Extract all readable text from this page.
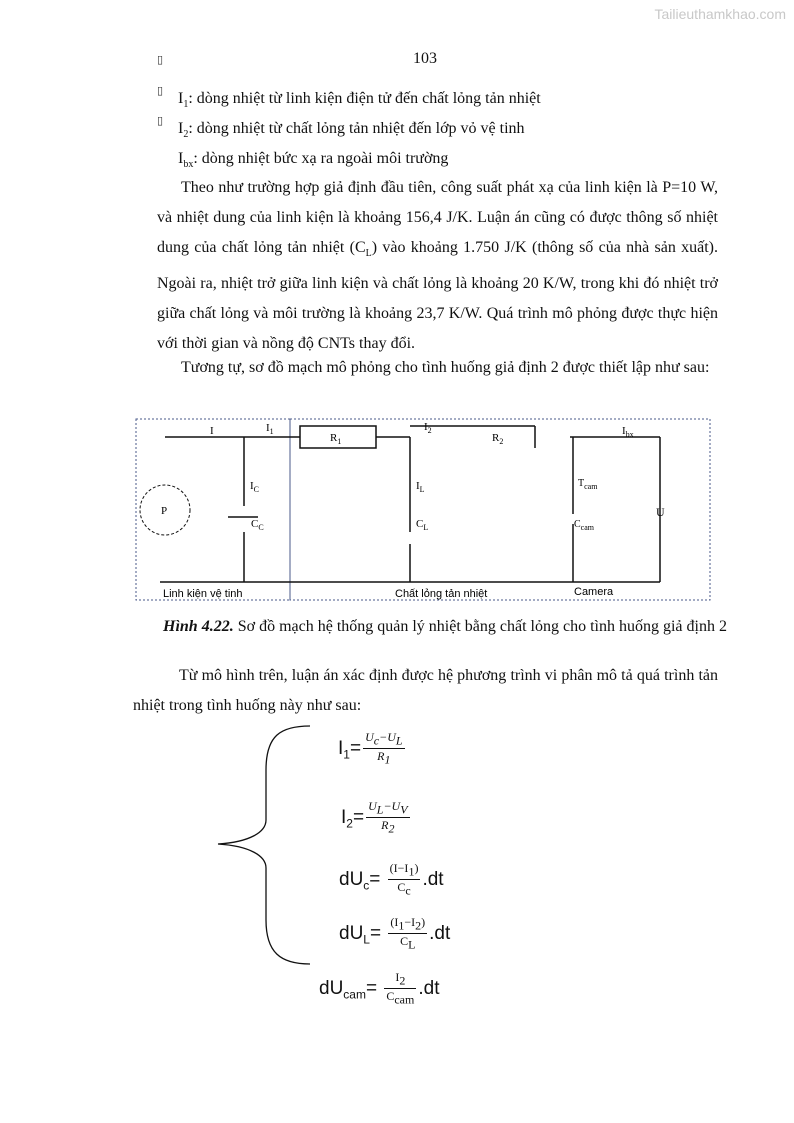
Tailieuthamkhao.com
103
▯
▯
▯
$I_1$: dòng nhiệt từ linh kiện điện tử đến chất lỏng tản nhiệt
$I_2$: dòng nhiệt từ chất lỏng tản nhiệt đến lớp vỏ vệ tinh
$I_{bx}$: dòng nhiệt bức xạ ra ngoài môi trường
Theo như trường hợp giả định đầu tiên, công suất phát xạ của linh kiện là P=10 W, và nhiệt dung của linh kiện là khoảng 156,4 J/K. Luận án cũng có được thông số nhiệt dung của chất lỏng tản nhiệt $(C_L)$ vào khoảng 1.750 J/K (thông số của nhà sản xuất). Ngoài ra, nhiệt trở giữa linh kiện và chất lỏng là khoảng 20 K/W, trong khi đó nhiệt trở giữa chất lỏng và môi trường là khoảng 23,7 K/W. Quá trình mô phỏng được thực hiện với thời gian và nồng độ CNTs thay đổi.
Tương tự, sơ đồ mạch mô phỏng cho tình huống giả định 2 được thiết lập như sau:
I	$I_1$
$R_1$
$I_2$
$R_2$
$I_{bx}$
P
$I_C$
$C_C$
$I_L$
$C_L$
$T_{cam}$
$C_{cam}$
U
Linh kiện vệ tinh	Chất lỏng tản nhiệt	Camera
Hình 4.22. Sơ đồ mạch hệ thống quản lý nhiệt bằng chất lỏng cho tình huống giả định 2
Từ mô hình trên, luận án xác định được hệ phương trình vi phân mô tả quá trình tản nhiệt trong tình huống này như sau:
$I_1= \frac{U_c-U_L}{R_1}$
$I_2= \frac{U_L-U_V}{R_2}$
$dU_c= \frac{(I-I_1)}{C_c} .dt$
$dU_L= \frac{(I_1-I_2)}{C_L} .dt$
$dU_{cam}= \frac{I_2}{C_{cam}} .dt$
